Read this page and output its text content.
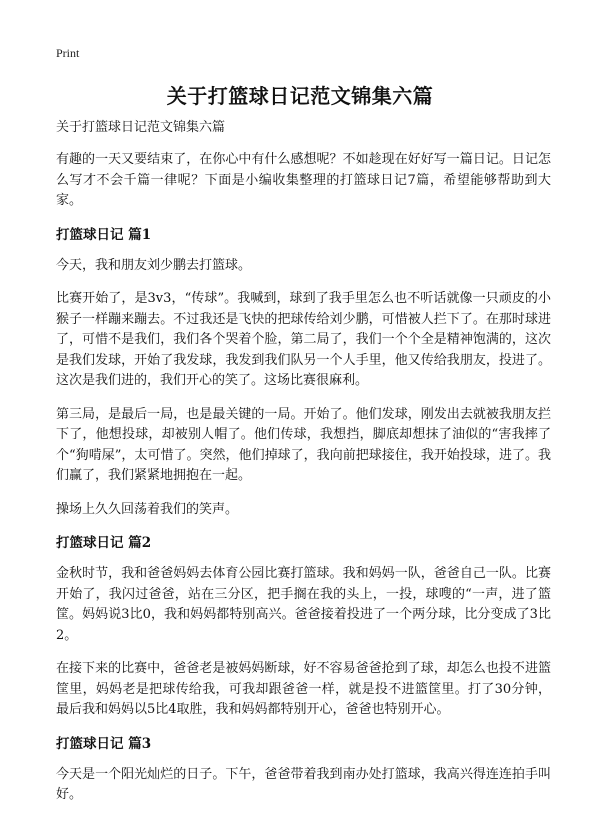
Print
关于打篮球日记范文锦集六篇
关于打篮球日记范文锦集六篇

有趣的一天又要结束了，在你心中有什么感想呢？不如趁现在好好写一篇日记。日记怎么写才不会千篇一律呢？下面是小编收集整理的打篮球日记7篇，希望能够帮助到大家。

打篮球日记 篇1

今天，我和朋友刘少鹏去打篮球。

比赛开始了，是3v3，“传球”。我喊到，球到了我手里怎么也不听话就像一只顽皮的小猴子一样蹦来蹦去。不过我还是飞快的把球传给刘少鹏，可惜被人拦下了。在那时球进了，可惜不是我们，我们各个哭着个脸，第二局了，我们一个个全是精神饱满的，这次是我们发球，开始了我发球，我发到我们队另一个人手里，他又传给我朋友，投进了。这次是我们进的，我们开心的笑了。这场比赛很麻利。

第三局，是最后一局，也是最关键的一局。开始了。他们发球，刚发出去就被我朋友拦下了，他想投球，却被别人帽了。他们传球，我想挡，脚底却想抹了油似的“害我摔了个“狗啃屎”，太可惜了。突然，他们掉球了，我向前把球接住，我开始投球，进了。我们赢了，我们紧紧地拥抱在一起。

操场上久久回荡着我们的笑声。

打篮球日记 篇2

金秋时节，我和爸爸妈妈去体育公园比赛打篮球。我和妈妈一队，爸爸自己一队。比赛开始了，我闪过爸爸，站在三分区，把手搁在我的头上，一投，球嗖的“一声，进了篮筐。妈妈说3比0，我和妈妈都特别高兴。爸爸接着投进了一个两分球，比分变成了3比2。

在接下来的比赛中，爸爸老是被妈妈断球，好不容易爸爸抢到了球，却怎么也投不进篮筐里，妈妈老是把球传给我，可我却跟爸爸一样，就是投不进篮筐里。打了30分钟，最后我和妈妈以5比4取胜，我和妈妈都特别开心，爸爸也特别开心。

打篮球日记 篇3

今天是一个阳光灿烂的日子。下午，爸爸带着我到南办处打篮球，我高兴得连连拍手叫好。
